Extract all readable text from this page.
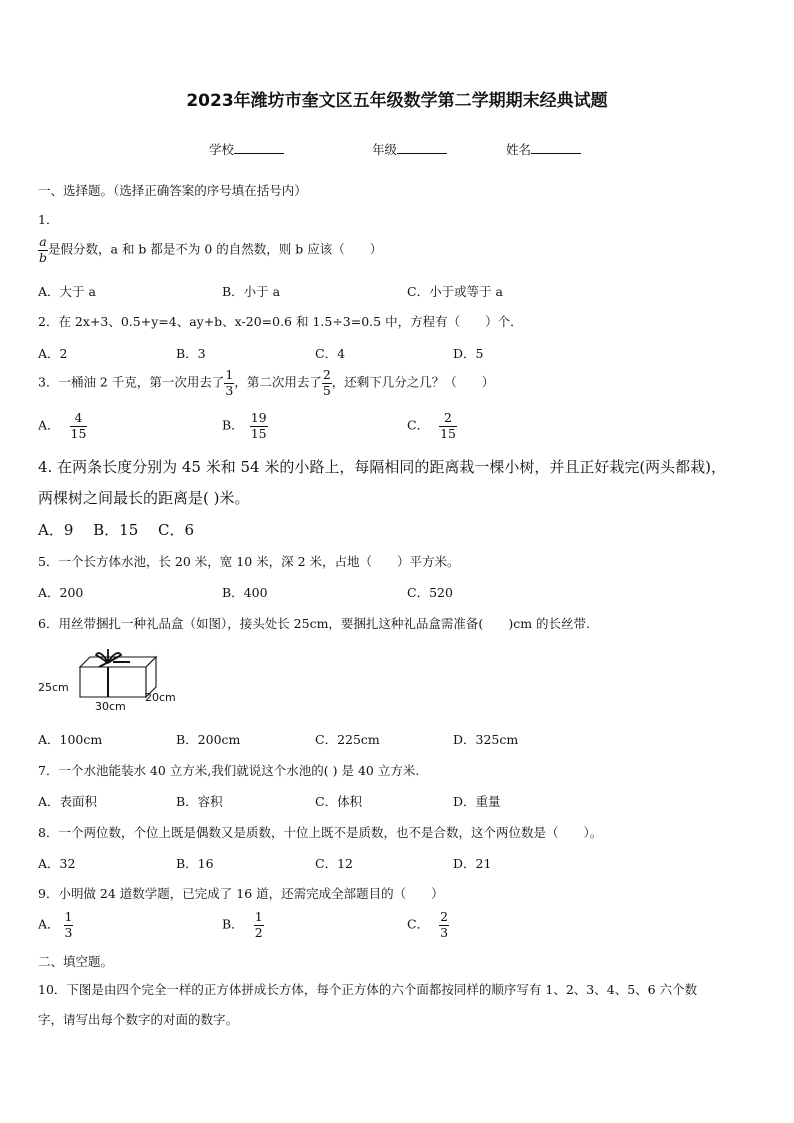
2023年潍坊市奎文区五年级数学第二学期期末经典试题
学校	年级	姓名
一、选择题。（选择正确答案的序号填在括号内）
1．
$\frac{a}{b}$ 是假分数，a 和 b 都是不为 0 的自然数，则 b 应该（　　）
A．大于 a	B．小于 a	C．小于或等于 a
2．在 2x+3、0.5+y=4、ay+b、x-20=0.6 和 1.5÷3=0.5 中，方程有（　　）个．
A．2	B．3	C．4	D．5
3．一桶油 2 千克，第一次用去了 $\frac{1}{3}$ ，第二次用去了 $\frac{2}{5}$ ，还剩下几分之几？（　　）
A． $\frac{4}{15}$	B． $\frac{19}{15}$	C． $\frac{2}{15}$
4. 在两条长度分别为 45 米和 54 米的小路上，每隔相同的距离栽一棵小树，并且正好栽完(两头都栽)，
两棵树之间最长的距离是( )米。
A．9　 B．15　 C．6
5．一个长方体水池，长 20 米，宽 10 米，深 2 米，占地（　　）平方米。
A．200	B．400	C．520
6．用丝带捆扎一种礼品盒（如图），接头处长 25cm，要捆扎这种礼品盒需准备(　　)cm 的长丝带.
25cm
30cm
20cm
A．100cm	B．200cm	C．225cm	D．325cm
7．一个水池能装水 40 立方米,我们就说这个水池的( ) 是 40 立方米.
A．表面积	B．容积	C．体积	D．重量
8．一个两位数，个位上既是偶数又是质数，十位上既不是质数，也不是合数，这个两位数是（　　）。
A．32	B．16	C．12	D．21
9．小明做 24 道数学题，已完成了 16 道，还需完成全部题目的（　　）
A． $\frac{1}{3}$	B． $\frac{1}{2}$	C． $\frac{2}{3}$
二、填空题。
10．下图是由四个完全一样的正方体拼成长方体，每个正方体的六个面都按同样的顺序写有 1、2、3、4、5、6 六个数
字，请写出每个数字的对面的数字。
